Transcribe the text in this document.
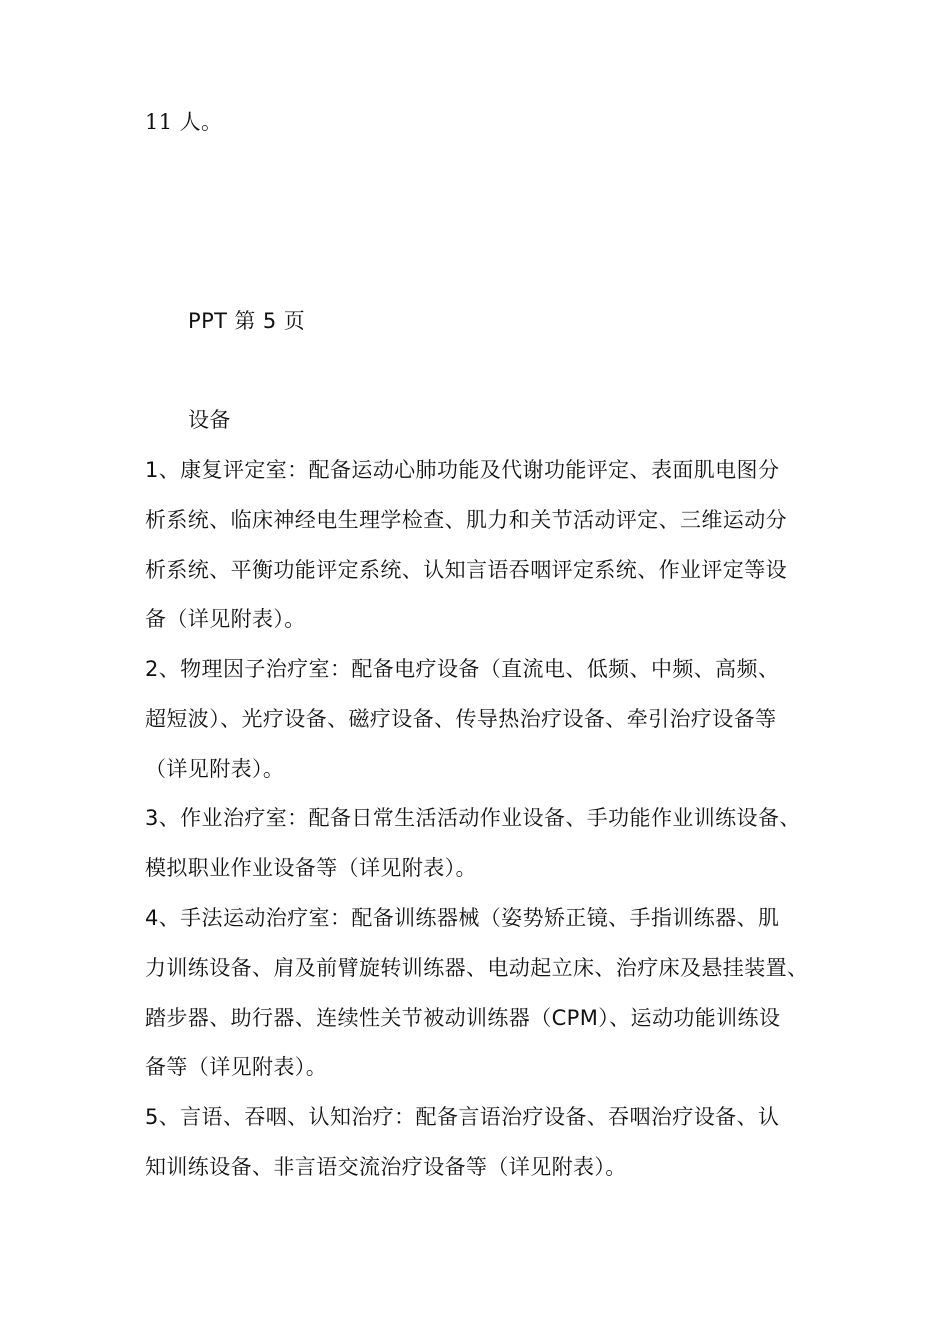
11 人。
PPT 第 5 页
设备
1、康复评定室：配备运动心肺功能及代谢功能评定、表面肌电图分
析系统、临床神经电生理学检查、肌力和关节活动评定、三维运动分
析系统、平衡功能评定系统、认知言语吞咽评定系统、作业评定等设
备（详见附表）。
2、物理因子治疗室：配备电疗设备（直流电、低频、中频、高频、
超短波）、光疗设备、磁疗设备、传导热治疗设备、牵引治疗设备等
（详见附表）。
3、作业治疗室：配备日常生活活动作业设备、手功能作业训练设备、
模拟职业作业设备等（详见附表）。
4、手法运动治疗室：配备训练器械（姿势矫正镜、手指训练器、肌
力训练设备、肩及前臂旋转训练器、电动起立床、治疗床及悬挂装置、
踏步器、助行器、连续性关节被动训练器（CPM）、运动功能训练设
备等（详见附表）。
5、言语、吞咽、认知治疗：配备言语治疗设备、吞咽治疗设备、认
知训练设备、非言语交流治疗设备等（详见附表）。
